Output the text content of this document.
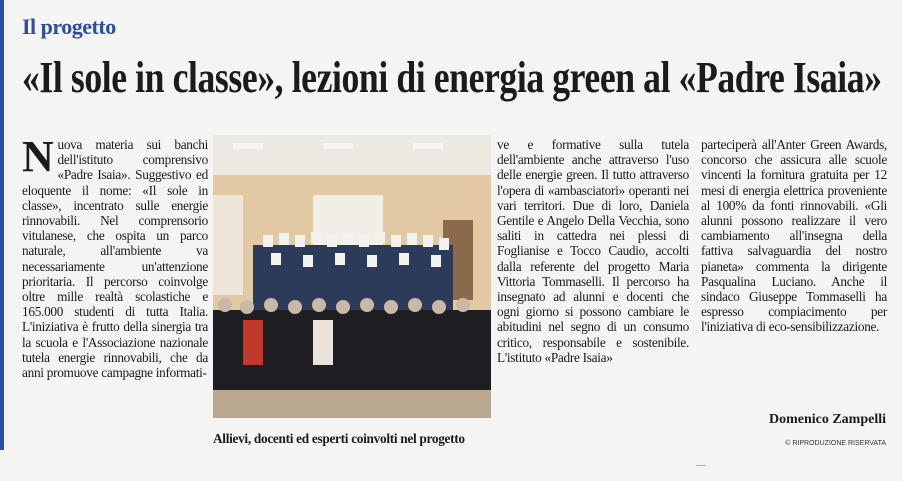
Il progetto
«Il sole in classe», lezioni di energia green al «Padre Isaia»

Nuova materia sui banchi dell'istituto comprensivo «Padre Isaia». Suggestivo ed eloquente il nome: «Il sole in classe», incentrato sulle energie rinnovabili. Nel comprensorio vitulanese, che ospita un parco naturale, all'ambiente va necessariamente un'attenzione prioritaria. Il percorso coinvolge oltre mille realtà scolastiche e 165.000 studenti di tutta Italia. L'iniziativa è frutto della sinergia tra la scuola e l'Associazione nazionale tutela energie rinnovabili, che da anni promuove campagne informati-

Allievi, docenti ed esperti coinvolti nel progetto

ve e formative sulla tutela dell'ambiente anche attraverso l'uso delle energie green. Il tutto attraverso l'opera di «ambasciatori» operanti nei vari territori. Due di loro, Daniela Gentile e Angelo Della Vecchia, sono saliti in cattedra nei plessi di Foglianise e Tocco Caudio, accolti dalla referente del progetto Maria Vittoria Tommaselli. Il percorso ha insegnato ad alunni e docenti che ogni giorno si possono cambiare le abitudini nel segno di un consumo critico, responsabile e sostenibile. L'istituto «Padre Isaia»

parteciperà all'Anter Green Awards, concorso che assicura alle scuole vincenti la fornitura gratuita per 12 mesi di energia elettrica proveniente al 100% da fonti rinnovabili. «Gli alunni possono realizzare il vero cambiamento all'insegna della fattiva salvaguardia del nostro pianeta» commenta la dirigente Pasqualina Luciano. Anche il sindaco Giuseppe Tommaselli ha espresso compiacimento per l'iniziativa di eco-sensibilizzazione.

Domenico Zampelli
© RIPRODUZIONE RISERVATA
